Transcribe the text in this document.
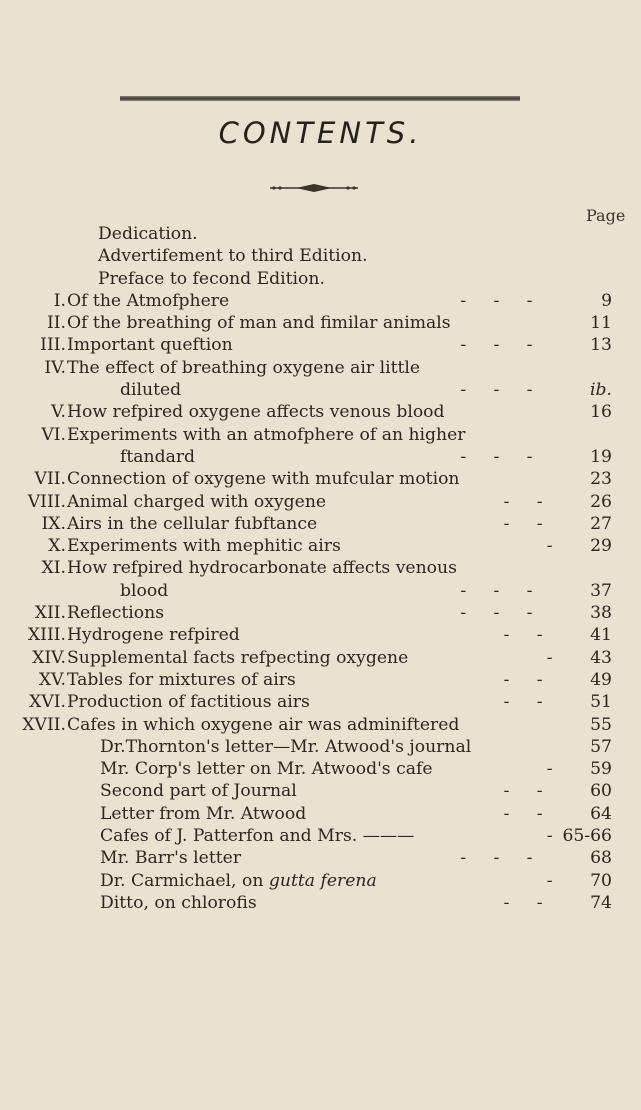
CONTENTS.
Page
Dedication.
Advertifement to third Edition.
Preface to fecond Edition.
I. Of the Atmofphere	-     -     -	9
II. Of the breathing of man and fimilar animals	11
III. Important queftion	-     -     -	13
IV. The effect of breathing oxygene air little
diluted	-     -     -	ib.
V. How refpired oxygene affects venous blood	16
VI. Experiments with an atmofphere of an higher
ftandard	-     -     -	19
VII. Connection of oxygene with mufcular motion	23
VIII. Animal charged with oxygene	-     -	26
IX. Airs in the cellular fubftance	-     -	27
X. Experiments with mephitic airs	- 29
XI. How refpired hydrocarbonate affects venous
blood	-     -     -	37
XII. Reflections	-     -     -	38
XIII. Hydrogene refpired	-     -	41
XIV. Supplemental facts refpecting oxygene	- 43
XV. Tables for mixtures of airs	-     -	49
XVI. Production of factitious airs	-     -	51
XVII. Cafes in which oxygene air was adminiftered	55
Dr.Thornton's letter—Mr. Atwood's journal	57
Mr. Corp's letter on Mr. Atwood's cafe	- 59
Second part of Journal	-     -	60
Letter from Mr. Atwood	-     -	64
Cafes of J. Patterfon and Mrs. ———	- 65-66
Mr. Barr's letter	-     -     -	68
Dr. Carmichael, on gutta ferena	- 70
Ditto, on chlorofis	-     -	74
